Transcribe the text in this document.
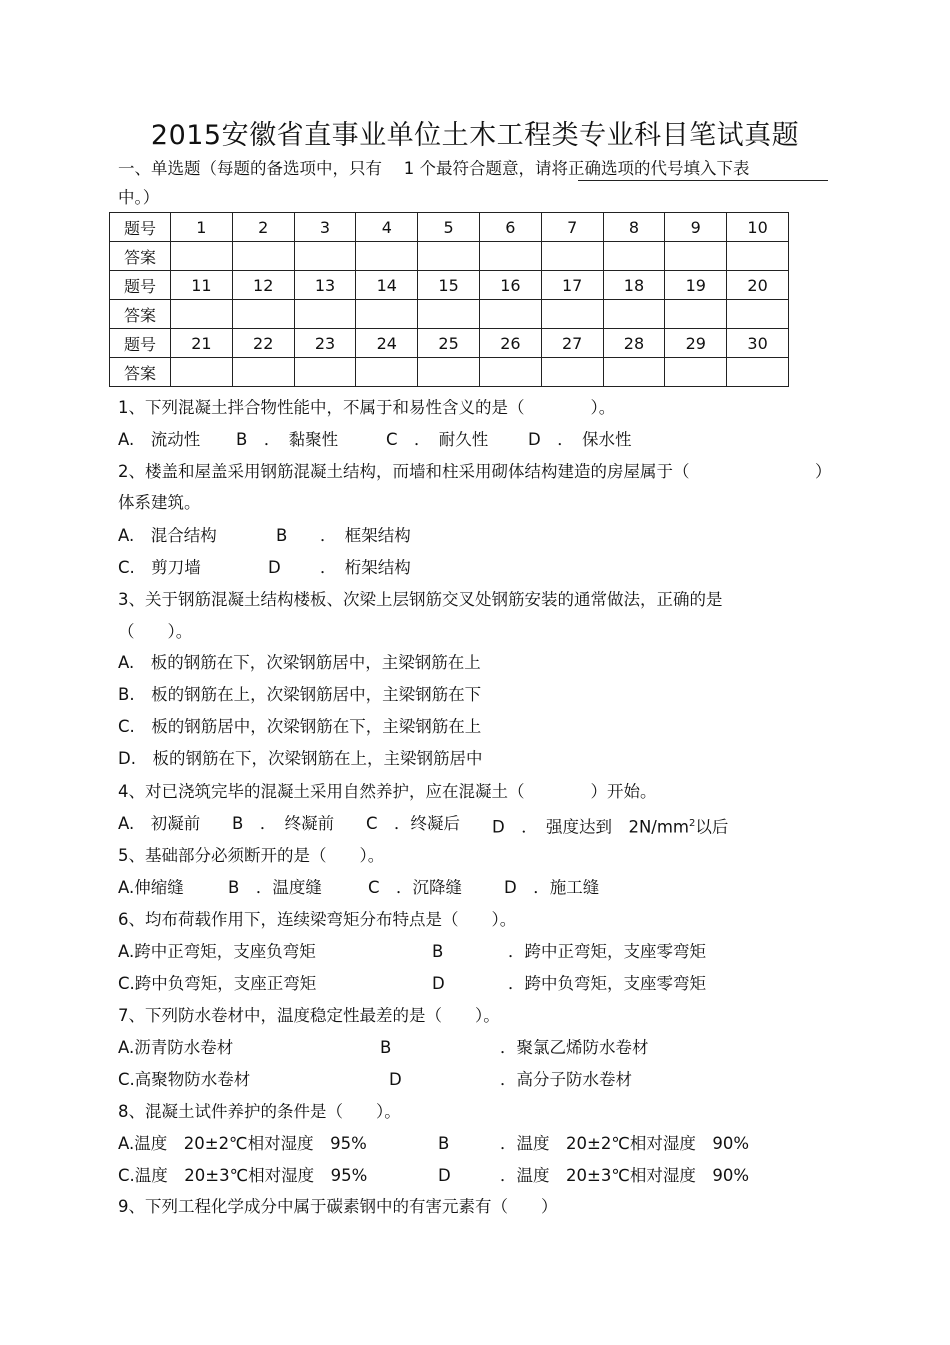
2015安徽省直事业单位土木工程类专业科目笔试真题
一、单选题（每题的备选项中，只有　 1 个最符合题意，请将正确选项的代号填入下表
中。）
题号	1	2	3	4	5	6	7	8	9	10
答案										
题号	11	12	13	14	15	16	17	18	19	20
答案										
题号	21	22	23	24	25	26	27	28	29	30
答案										
1、下列混凝土拌合物性能中，不属于和易性含义的是（　　　　）。
A.　流动性 B　．　黏聚性	C　．　耐久性 D　．　保水性
2、楼盖和屋盖采用钢筋混凝土结构，而墙和柱采用砌体结构建造的房屋属于（	）
体系建筑。
A.　混合结构	B ．　框架结构
C.　剪刀墙	D ．　桁架结构
3、关于钢筋混凝土结构楼板、次梁上层钢筋交叉处钢筋安装的通常做法，正确的是
（　　）。
A.　板的钢筋在下，次梁钢筋居中，主梁钢筋在上
B.　板的钢筋在上，次梁钢筋居中，主梁钢筋在下
C.　板的钢筋居中，次梁钢筋在下，主梁钢筋在上
D.　板的钢筋在下，次梁钢筋在上，主梁钢筋居中
4、对已浇筑完毕的混凝土采用自然养护，应在混凝土（　　　　）开始。
A.　初凝前 B　．　终凝前 C　．终凝后 D　．　强度达到　$2N/mm^2$以后
5、基础部分必须断开的是（　　）。
A.伸缩缝	B　．温度缝	C　．沉降缝	D　．施工缝
6、均布荷载作用下，连续梁弯矩分布特点是（　　）。
A.跨中正弯矩，支座负弯矩	B	．跨中正弯矩，支座零弯矩
C.跨中负弯矩，支座正弯矩	D	．跨中负弯矩，支座零弯矩
7、下列防水卷材中，温度稳定性最差的是（　　）。
A.沥青防水卷材	B	．聚氯乙烯防水卷材
C.高聚物防水卷材	D	．高分子防水卷材
8、混凝土试件养护的条件是（　　）。
A.温度　20±2℃相对湿度　95%	B	．温度　20±2℃相对湿度　90%
C.温度　20±3℃相对湿度　95%	D	．温度　20±3℃相对湿度　90%
9、下列工程化学成分中属于碳素钢中的有害元素有（　　）
